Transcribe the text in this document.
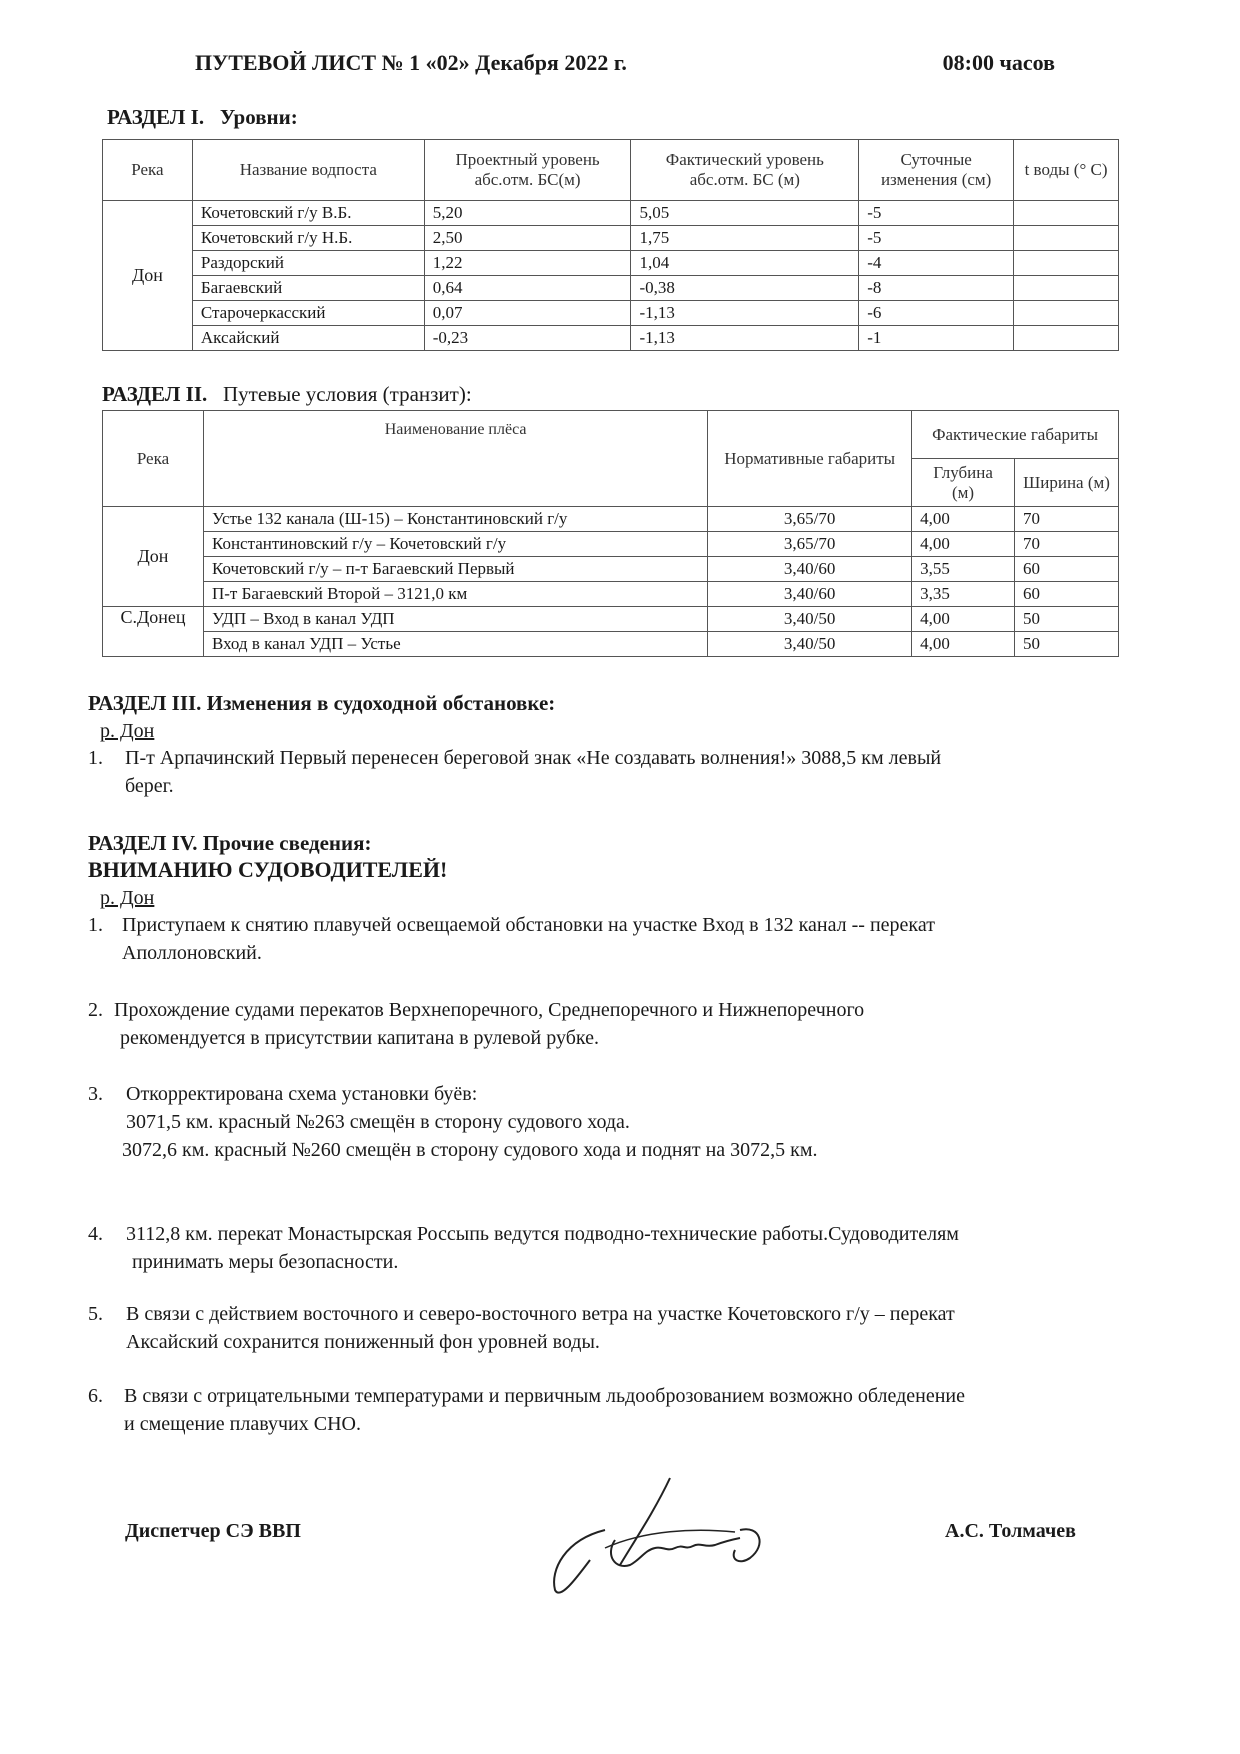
ПУТЕВОЙ ЛИСТ № 1 «02» Декабря 2022 г.	08:00 часов
РАЗДЕЛ I. Уровни:
Река	Название водпоста	Проектный уровень абс.отм. БС(м)	Фактический уровень абс.отм. БС (м)	Суточные изменения (см)	t воды (° С)
Дон	Кочетовский г/у В.Б.	5,20	5,05	-5	
	Кочетовский г/у Н.Б.	2,50	1,75	-5	
	Раздорский	1,22	1,04	-4	
	Багаевский	0,64	-0,38	-8	
	Старочеркасский	0,07	-1,13	-6	
	Аксайский	-0,23	-1,13	-1	
РАЗДЕЛ II. Путевые условия (транзит):
Река	Наименование плёса	Нормативные габариты	Фактические габариты	
			Глубина (м)	Ширина (м)
Дон	Устье 132 канала (Ш-15) – Константиновский г/у	3,65/70	4,00	70
	Константиновский г/у – Кочетовский г/у	3,65/70	4,00	70
	Кочетовский г/у – п-т Багаевский Первый	3,40/60	3,55	60
	П-т Багаевский Второй – 3121,0 км	3,40/60	3,35	60
С.Донец	УДП – Вход в канал УДП	3,40/50	4,00	50
	Вход в канал УДП – Устье	3,40/50	4,00	50
РАЗДЕЛ III. Изменения в судоходной обстановке:
р. Дон
1. П-т Арпачинский Первый перенесен береговой знак «Не создавать волнения!» 3088,5 км левый

берег.
РАЗДЕЛ IV. Прочие сведения:
ВНИМАНИЮ СУДОВОДИТЕЛЕЙ!
р. Дон
1. Приступаем к снятию плавучей освещаемой обстановки на участке Вход в 132 канал -- перекат

Аполлоновский.
2. Прохождение судами перекатов Верхнепоречного, Среднепоречного и Нижнепоречного

рекомендуется в присутствии капитана в рулевой рубке.
3. Откорректирована схема установки буёв:

3071,5 км. красный №263 смещён в сторону судового хода.

3072,6 км. красный №260 смещён в сторону судового хода и поднят на 3072,5 км.
4. 3112,8 км. перекат Монастырская Россыпь ведутся подводно-технические работы.Судоводителям

принимать меры безопасности.
5. В связи с действием восточного и северо-восточного ветра на участке Кочетовского г/у – перекат

Аксайский сохранится пониженный фон уровней воды.
6. В связи с отрицательными температурами и первичным льдооброзованием возможно обледенение

и смещение плавучих СНО.
Диспетчер СЭ ВВП	А.С. Толмачев
